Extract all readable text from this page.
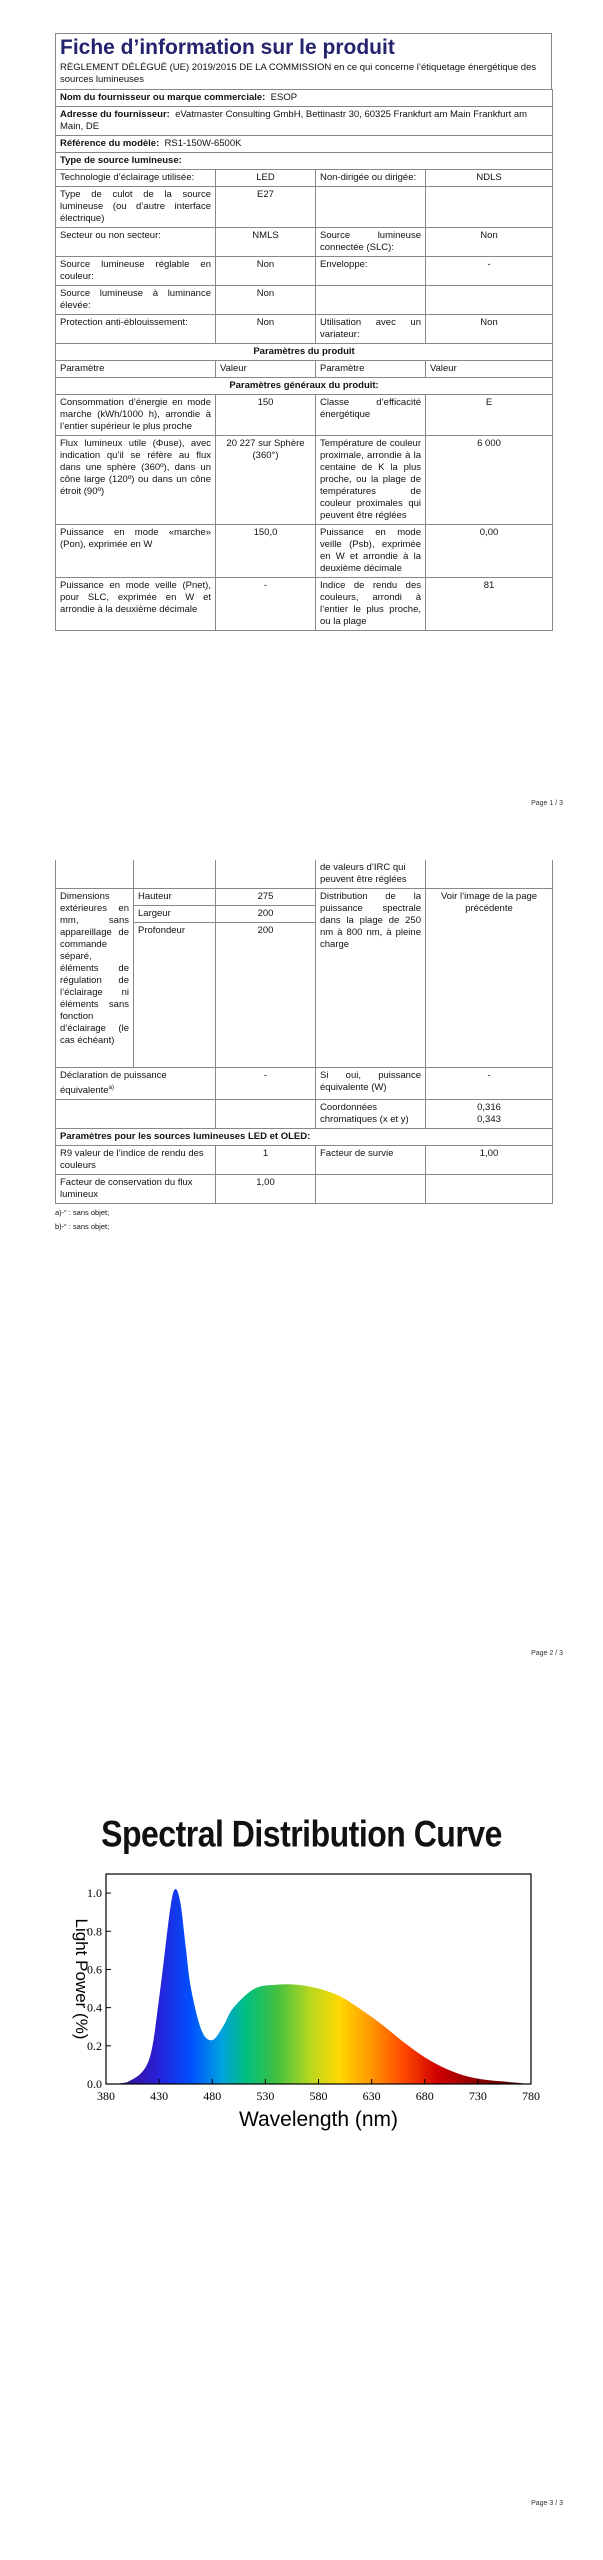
Fiche d’information sur le produit
RÈGLEMENT DÉLÉGUÉ (UE) 2019/2015 DE LA COMMISSION en ce qui concerne l’étiquetage énergétique des sources lumineuses
Nom du fournisseur ou marque commerciale: ESOP			
Adresse du fournisseur: eVatmaster Consulting GmbH, Bettinastr 30, 60325 Frankfurt am Main Frankfurt am Main, DE			
Référence du modèle: RS1-150W-6500K			
Type de source lumineuse:			
Technologie d’éclairage utilisée:	LED	Non-dirigée ou dirigée:	NDLS
Type de culot de la source lumineuse (ou d’autre interface électrique)	E27		
Secteur ou non secteur:	NMLS	Source lumineuse connectée (SLC):	Non
Source lumineuse réglable en couleur:	Non	Enveloppe:	-
Source lumineuse à luminance élevée:	Non		
Protection anti-éblouissement:	Non	Utilisation avec un variateur:	Non
Paramètres du produit			
Paramètre	Valeur	Paramètre	Valeur
Paramètres généraux du produit:			
Consommation d’énergie en mode marche (kWh/1000 h), arrondie à l’entier supérieur le plus proche	150	Classe d’efficacité énergétique	E
Flux lumineux utile (Φuse), avec indication qu’il se réfère au flux dans une sphère (360º), dans un cône large (120º) ou dans un cône étroit (90º)	20 227 sur Sphère (360°)	Température de couleur proximale, arrondie à la centaine de K la plus proche, ou la plage de températures de couleur proximales qui peuvent être réglées	6 000
Puissance en mode «marche» (Pon), exprimée en W	150,0	Puissance en mode veille (Psb), exprimée en W et arrondie à la deuxième décimale	0,00
Puissance en mode veille (Pnet), pour SLC, exprimée en W et arrondie à la deuxième décimale	-	Indice de rendu des couleurs, arrondi à l’entier le plus proche, ou la plage	81
Page 1 / 3
			de valeurs d’IRC qui peuvent être réglées	
Dimensions extérieures en mm, sans appareillage de commande séparé, éléments de régulation de l’éclairage ni éléments sans fonction d’éclairage (le cas échéant)	Hauteur	275	Distribution de la puissance spectrale dans la plage de 250 nm à 800 nm, à pleine charge	Voir l’image de la page précédente
	Largeur	200		
	Profondeur	200		
Déclaration de puissance équivalente$^{a)}$		-	Si oui, puissance équivalente (W)	-
			Coordonnées chromatiques (x et y)	0,316
0,343

Paramètres pour les sources lumineuses LED et OLED:				
R9 valeur de l’indice de rendu des couleurs		1	Facteur de survie	1,00
Facteur de conservation du flux lumineux		1,00		
a)-“ : sans objet;
b)-“ : sans objet;
Page 2 / 3
Spectral Distribution Curve
0.0
0.2
0.4
0.6
0.8
1.0
380	430	480	530	580	630	680	730	780
Wavelength (nm)
Light Power (%)
Page 3 / 3
